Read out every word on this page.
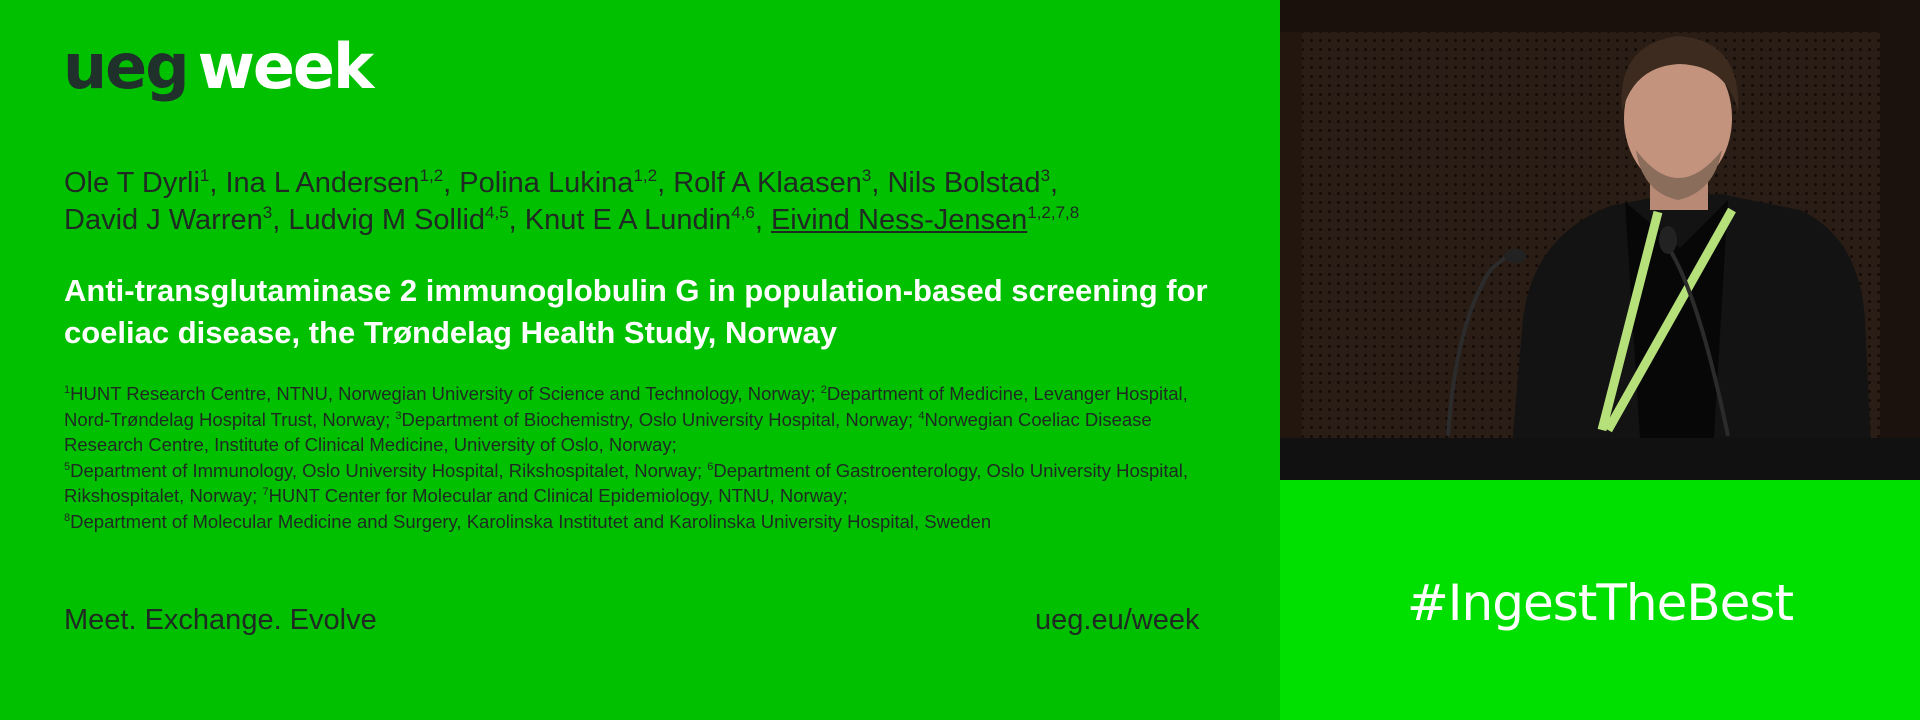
ueg week
Ole T Dyrli$^1$, Ina L Andersen$^{1,2}$, Polina Lukina$^{1,2}$, Rolf A Klaasen$^3$, Nils Bolstad$^3$,
David J Warren$^3$, Ludvig M Sollid$^{4,5}$, Knut E A Lundin$^{4,6}$, Eivind Ness-Jensen$^{1,2,7,8}$
Anti-transglutaminase 2 immunoglobulin G in population-based screening for coeliac disease, the Trøndelag Health Study, Norway
$^1$HUNT Research Centre, NTNU, Norwegian University of Science and Technology, Norway; $^2$Department of Medicine, Levanger Hospital, Nord-Trøndelag Hospital Trust, Norway; $^3$Department of Biochemistry, Oslo University Hospital, Norway; $^4$Norwegian Coeliac Disease Research Centre, Institute of Clinical Medicine, University of Oslo, Norway;
$^5$Department of Immunology, Oslo University Hospital, Rikshospitalet, Norway; $^6$Department of Gastroenterology, Oslo University Hospital, Rikshospitalet, Norway; $^7$HUNT Center for Molecular and Clinical Epidemiology, NTNU, Norway;
$^8$Department of Molecular Medicine and Surgery, Karolinska Institutet and Karolinska University Hospital, Sweden
Meet. Exchange. Evolve	ueg.eu/week	#IngestTheBest
